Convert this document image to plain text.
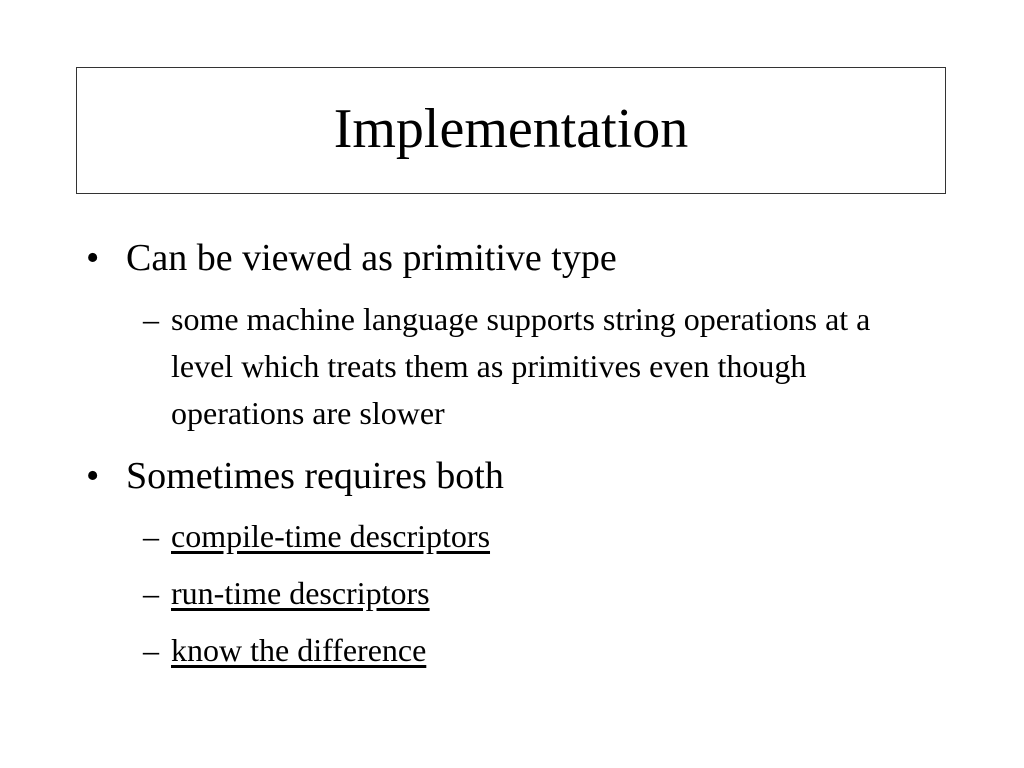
Implementation
• Can be viewed as primitive type
– some machine language supports string operations at a level which treats them as primitives even though operations are slower
• Sometimes requires both
– compile-time descriptors
– run-time descriptors
– know the difference
